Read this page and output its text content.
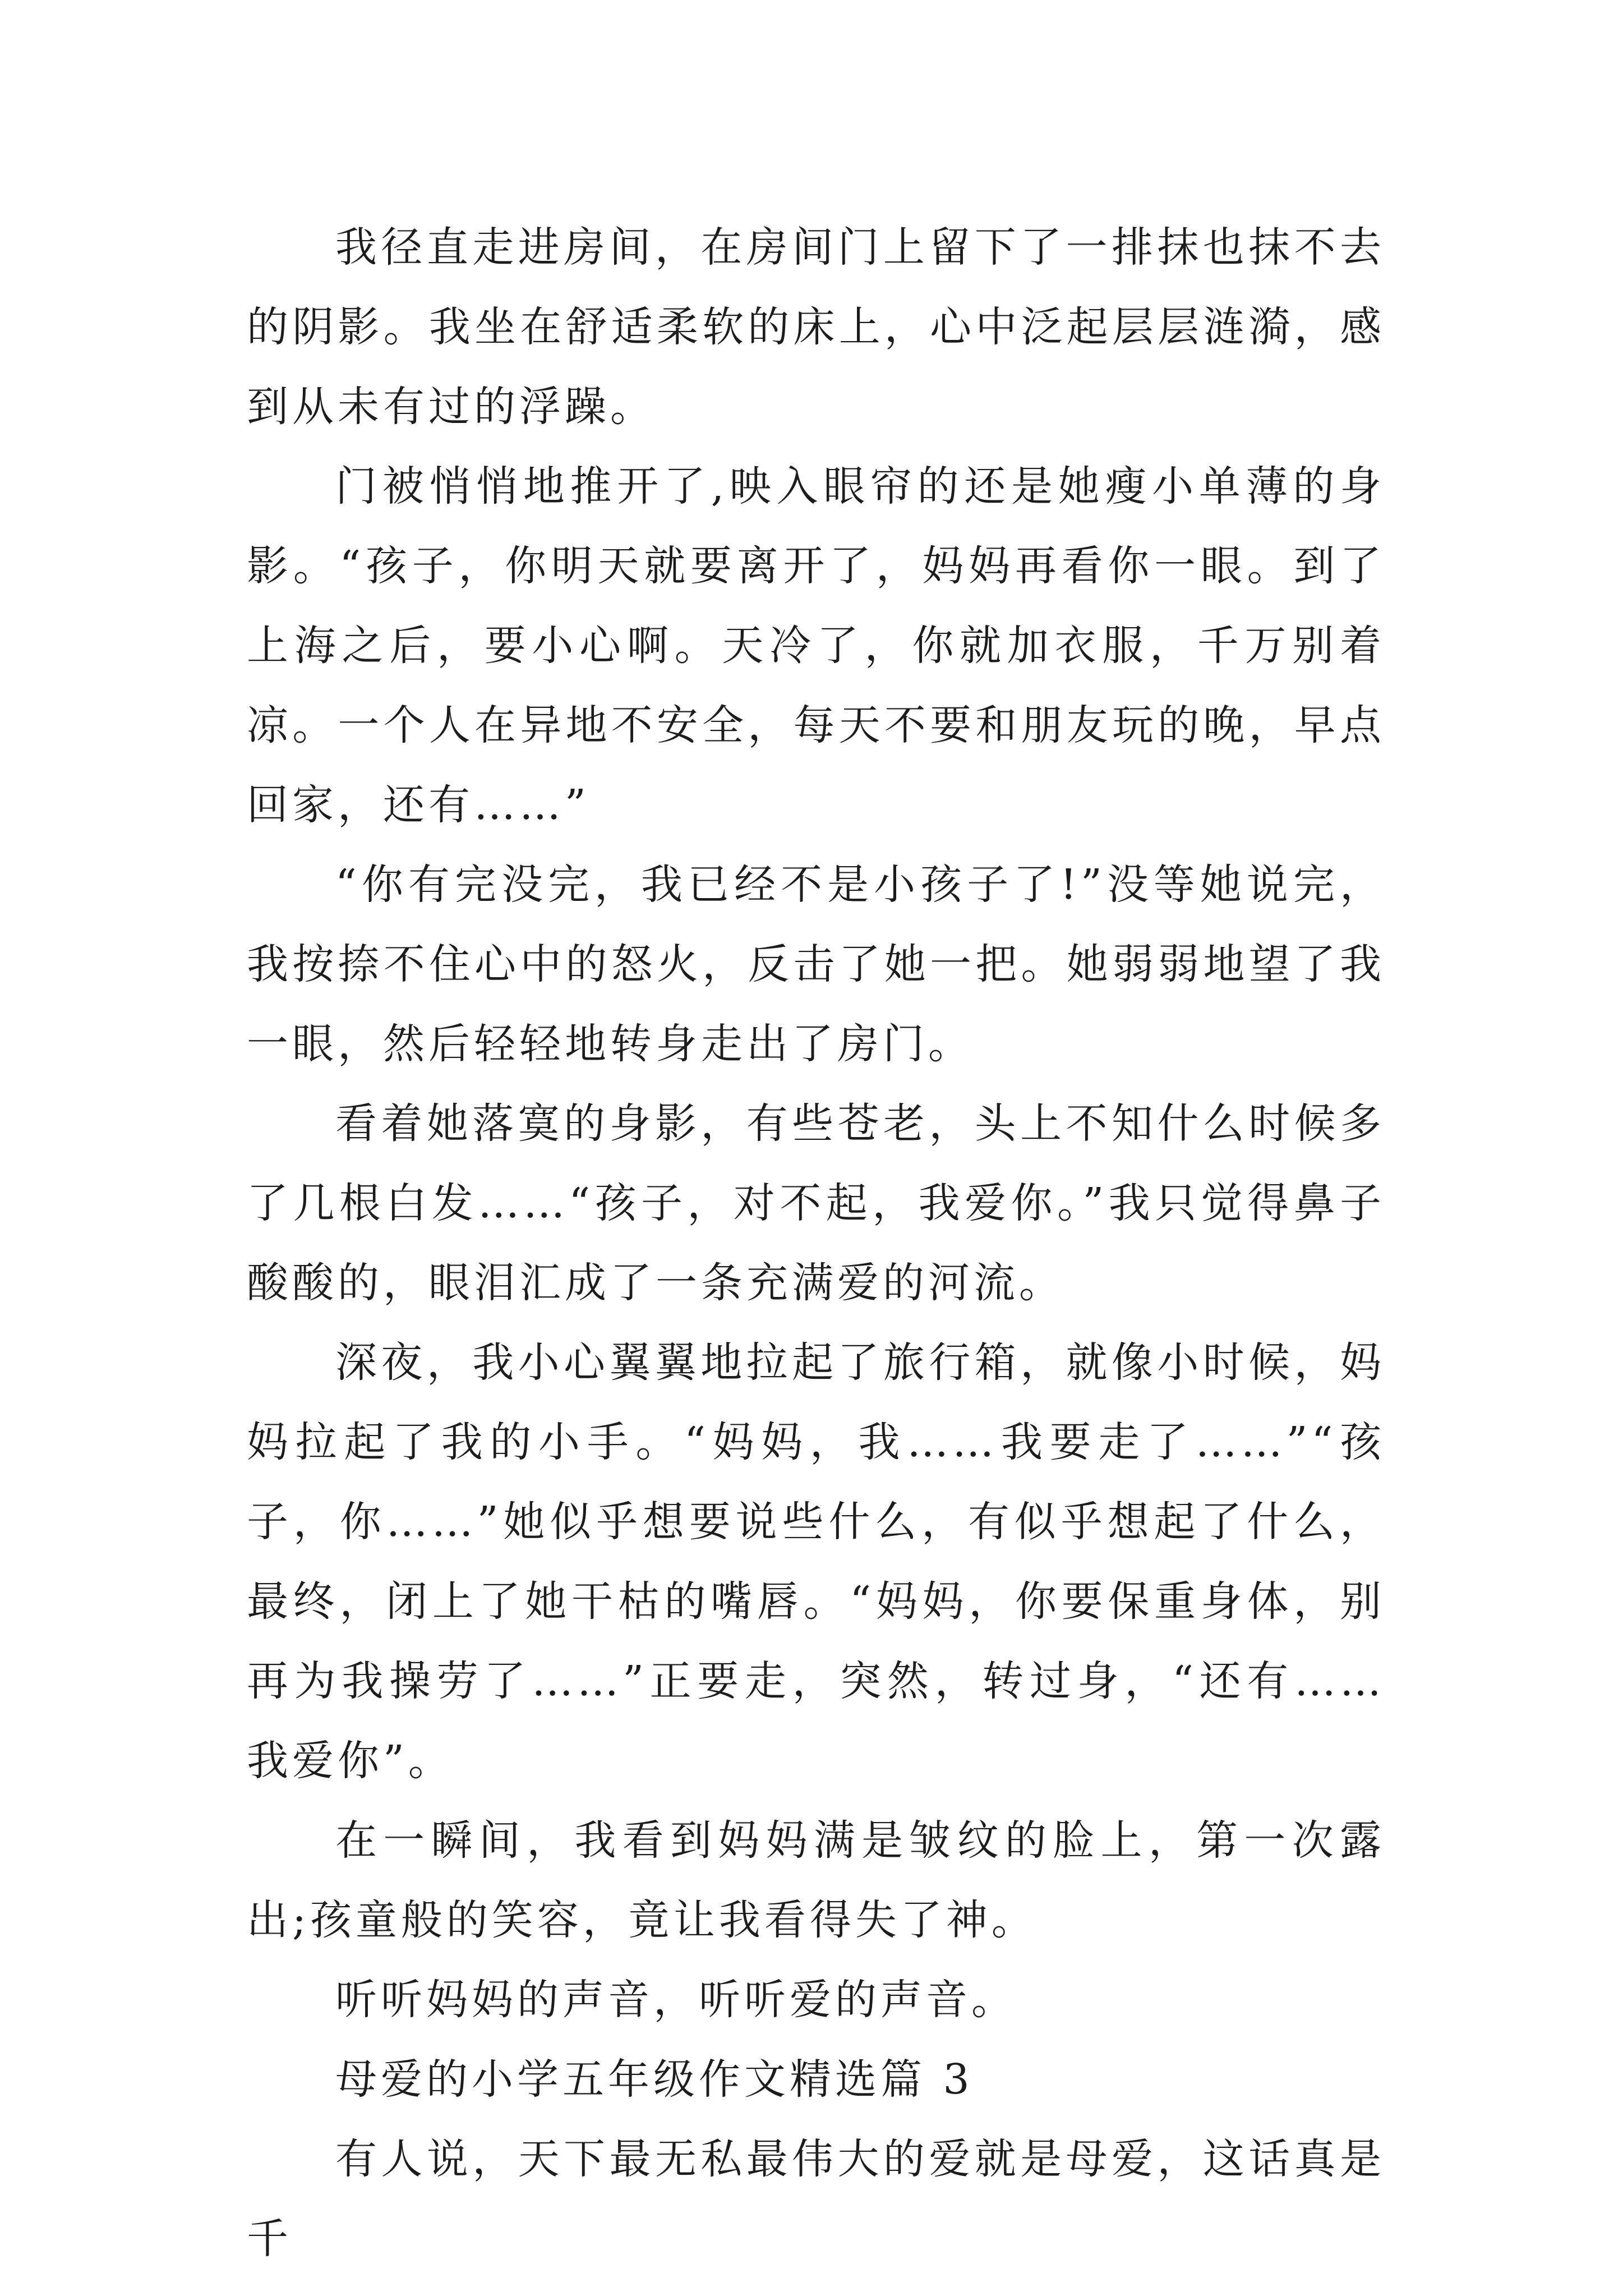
我径直走进房间，在房间门上留下了一排抹也抹不去的阴影。我坐在舒适柔软的床上，心中泛起层层涟漪，感到从未有过的浮躁。

门被悄悄地推开了,映入眼帘的还是她瘦小单薄的身影。“孩子，你明天就要离开了，妈妈再看你一眼。到了上海之后，要小心啊。天冷了，你就加衣服，千万别着凉。一个人在异地不安全，每天不要和朋友玩的晚，早点回家，还有……”

“你有完没完，我已经不是小孩子了!”没等她说完，我按捺不住心中的怒火，反击了她一把。她弱弱地望了我一眼，然后轻轻地转身走出了房门。

看着她落寞的身影，有些苍老，头上不知什么时候多了几根白发……“孩子，对不起，我爱你。”我只觉得鼻子酸酸的，眼泪汇成了一条充满爱的河流。

深夜，我小心翼翼地拉起了旅行箱，就像小时候，妈妈拉起了我的小手。“妈妈，我……我要走了……”“孩子，你……”她似乎想要说些什么，有似乎想起了什么，最终，闭上了她干枯的嘴唇。“妈妈，你要保重身体，别再为我操劳了……”正要走，突然，转过身，“还有……我爱你”。

在一瞬间，我看到妈妈满是皱纹的脸上，第一次露出;孩童般的笑容，竟让我看得失了神。

听听妈妈的声音，听听爱的声音。

母爱的小学五年级作文精选篇 3

有人说，天下最无私最伟大的爱就是母爱，这话真是千
